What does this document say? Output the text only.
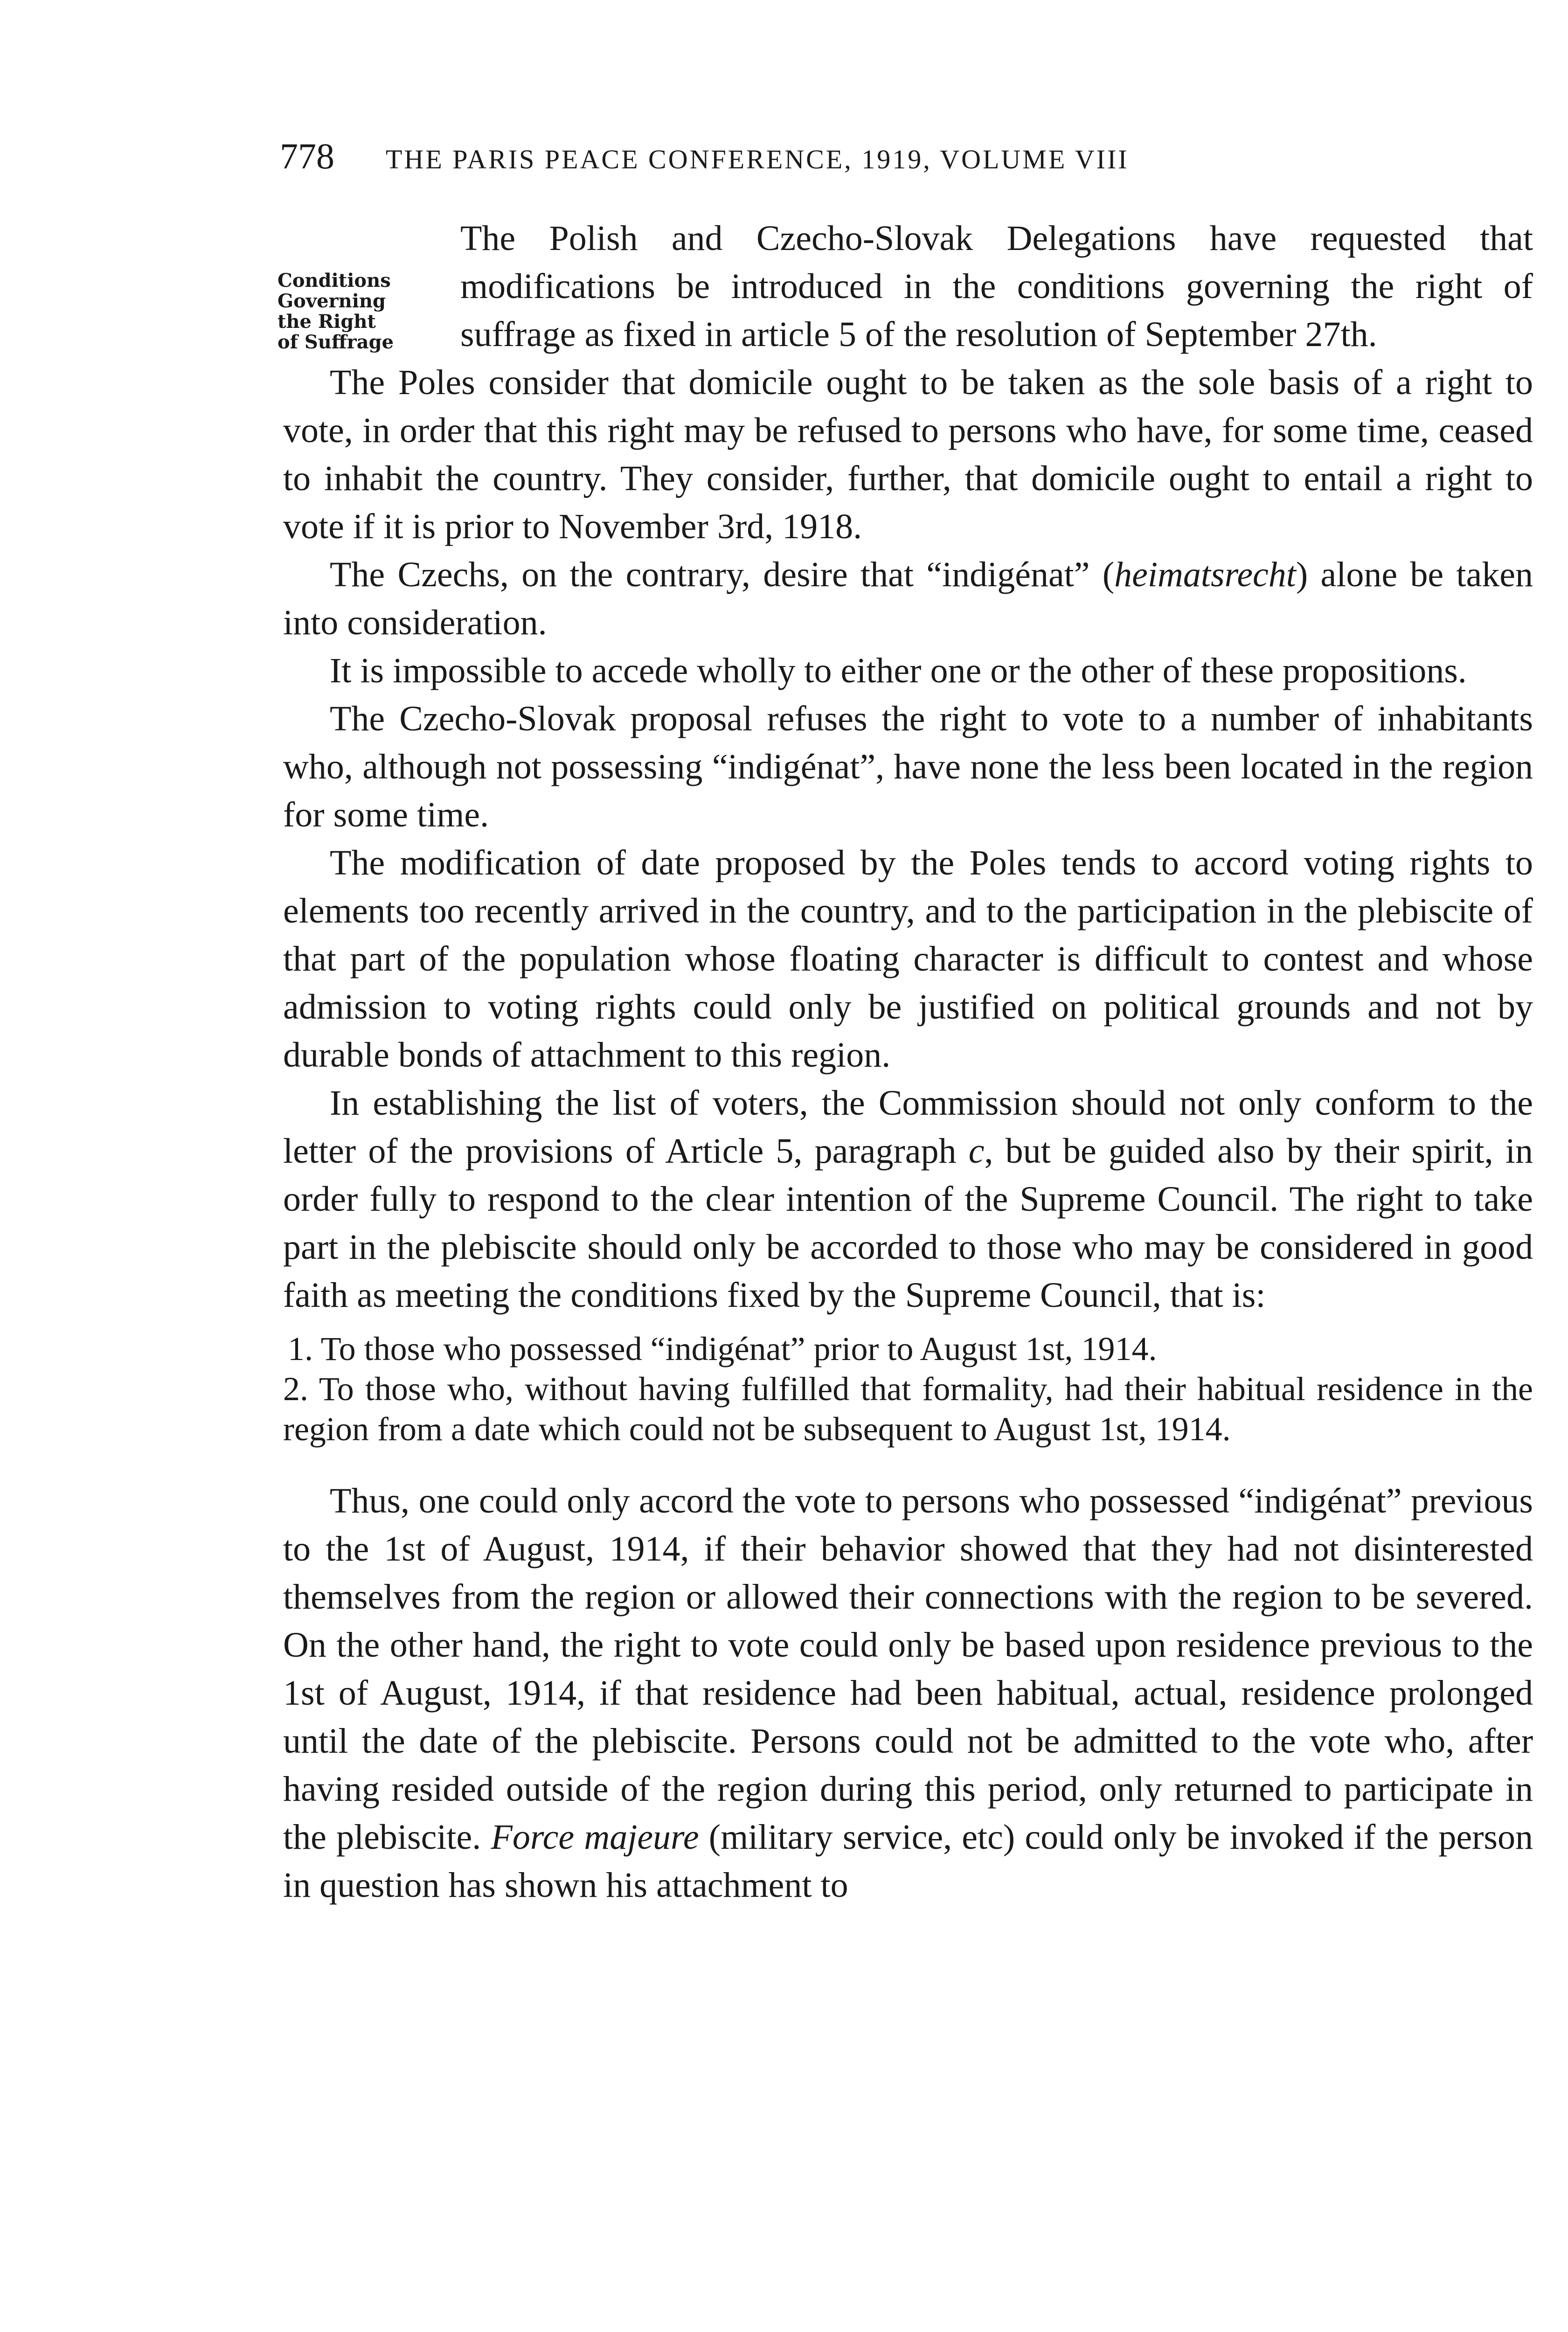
778 THE PARIS PEACE CONFERENCE, 1919, VOLUME VIII
Conditions
Governing
the Right
of Suffrage

The Polish and Czecho-Slovak Delegations have requested that modifications be introduced in the conditions governing the right of suffrage as fixed in article 5 of the resolution of September 27th.

The Poles consider that domicile ought to be taken as the sole basis of a right to vote, in order that this right may be refused to persons who have, for some time, ceased to inhabit the country. They consider, further, that domicile ought to entail a right to vote if it is prior to November 3rd, 1918.

The Czechs, on the contrary, desire that “indigénat” (heimatsrecht) alone be taken into consideration.

It is impossible to accede wholly to either one or the other of these propositions.

The Czecho-Slovak proposal refuses the right to vote to a number of inhabitants who, although not possessing “indigénat”, have none the less been located in the region for some time.

The modification of date proposed by the Poles tends to accord voting rights to elements too recently arrived in the country, and to the participation in the plebiscite of that part of the population whose floating character is difficult to contest and whose admission to voting rights could only be justified on political grounds and not by durable bonds of attachment to this region.

In establishing the list of voters, the Commission should not only conform to the letter of the provisions of Article 5, paragraph c, but be guided also by their spirit, in order fully to respond to the clear intention of the Supreme Council. The right to take part in the plebiscite should only be accorded to those who may be considered in good faith as meeting the conditions fixed by the Supreme Council, that is:

1. To those who possessed “indigénat” prior to August 1st, 1914.

2. To those who, without having fulfilled that formality, had their habitual residence in the region from a date which could not be subsequent to August 1st, 1914.

Thus, one could only accord the vote to persons who possessed “indigénat” previous to the 1st of August, 1914, if their behavior showed that they had not disinterested themselves from the region or allowed their connections with the region to be severed. On the other hand, the right to vote could only be based upon residence previous to the 1st of August, 1914, if that residence had been habitual, actual, residence prolonged until the date of the plebiscite. Persons could not be admitted to the vote who, after having resided outside of the region during this period, only returned to participate in the plebiscite. Force majeure (military service, etc) could only be invoked if the person in question has shown his attachment to
